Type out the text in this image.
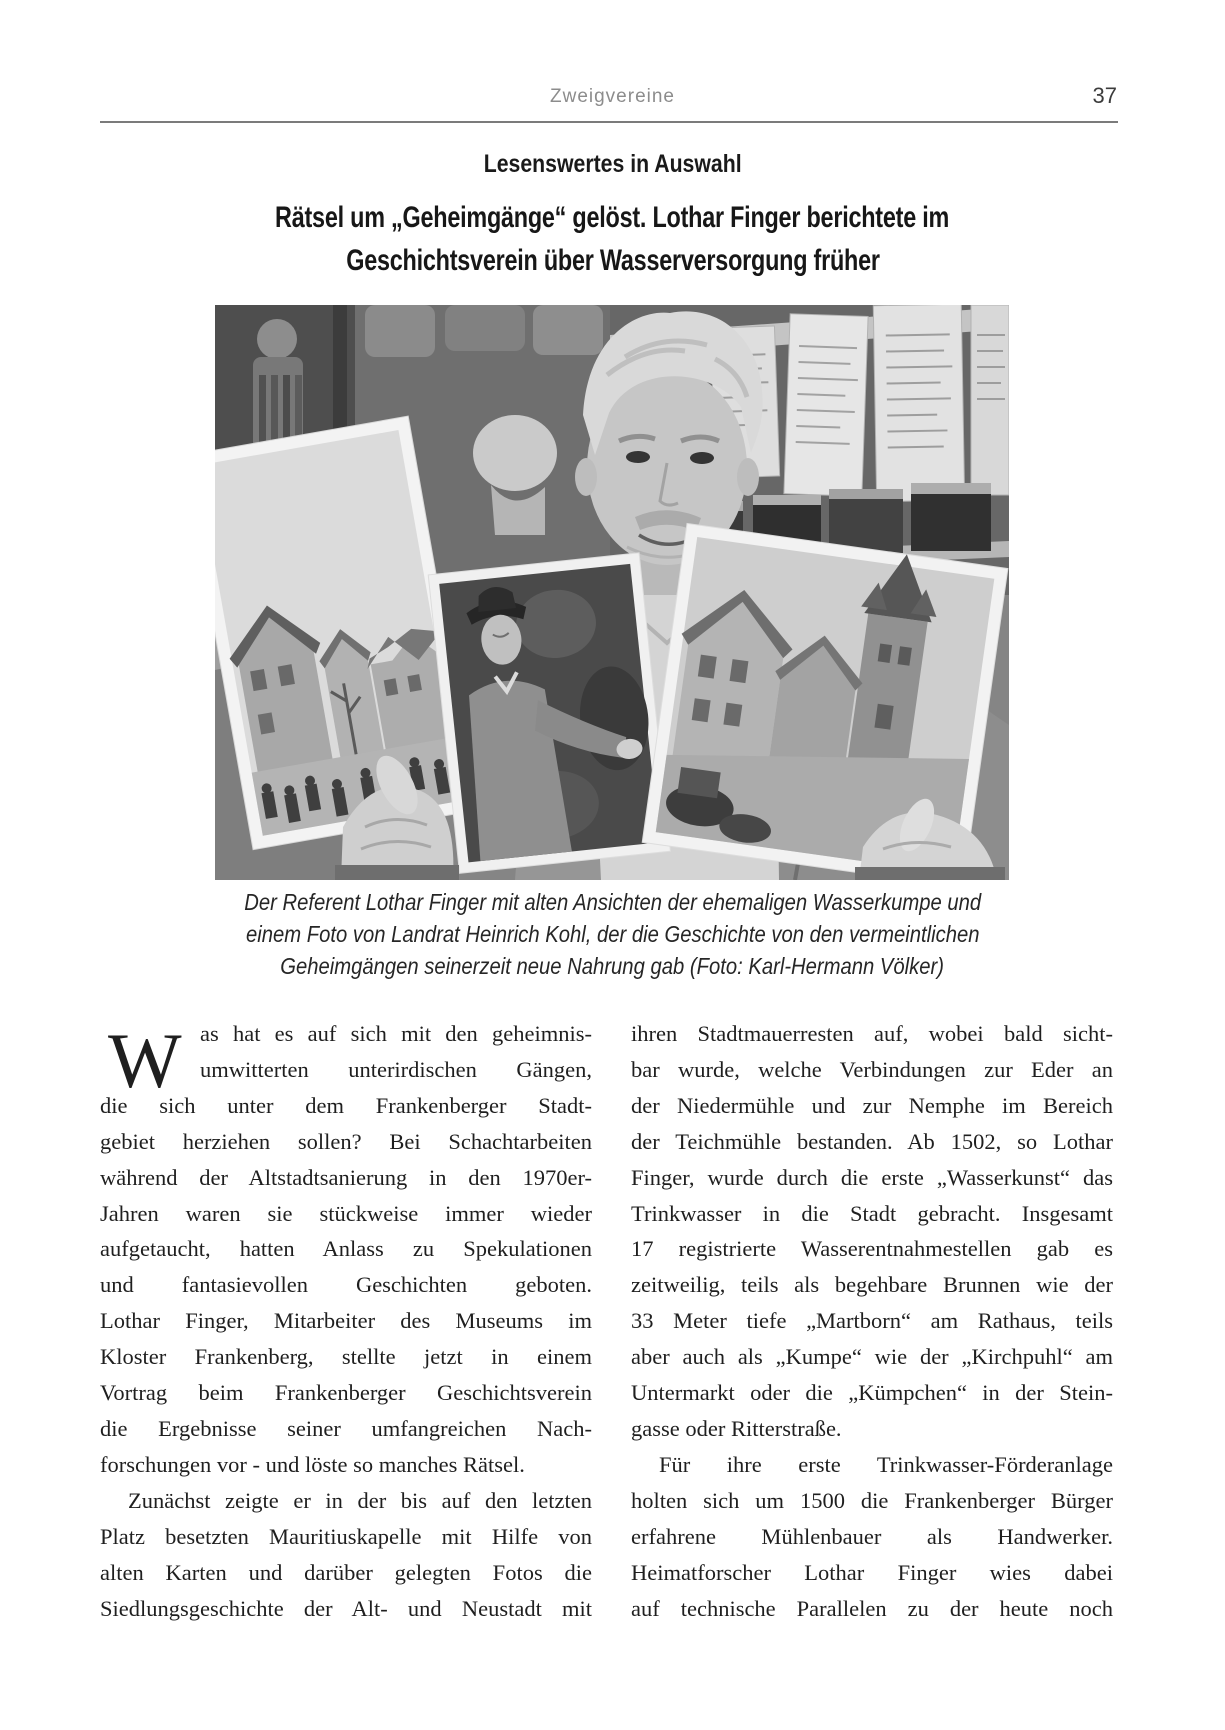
Zweigvereine	37
Lesenswertes in Auswahl
Rätsel um „Geheimgänge“ gelöst. Lothar Finger berichtete im
Geschichtsverein über Wasserversorgung früher
Der Referent Lothar Finger mit alten Ansichten der ehemaligen Wasserkumpe und
einem Foto von Landrat Heinrich Kohl, der die Geschichte von den vermeintlichen
Geheimgängen seinerzeit neue Nahrung gab (Foto: Karl-Hermann Völker)
W as hat es auf sich mit den geheimnis-
umwitterten unterirdischen Gängen,
die sich unter dem Frankenberger Stadt-
gebiet herziehen sollen? Bei Schachtarbeiten
während der Altstadtsanierung in den 1970er-
Jahren waren sie stückweise immer wieder
aufgetaucht, hatten Anlass zu Spekulationen
und fantasievollen Geschichten geboten.
Lothar Finger, Mitarbeiter des Museums im
Kloster Frankenberg, stellte jetzt in einem
Vortrag beim Frankenberger Geschichtsverein
die Ergebnisse seiner umfangreichen Nach-
forschungen vor - und löste so manches Rätsel.
Zunächst zeigte er in der bis auf den letzten
Platz besetzten Mauritiuskapelle mit Hilfe von
alten Karten und darüber gelegten Fotos die
Siedlungsgeschichte der Alt- und Neustadt mit
ihren Stadtmauerresten auf, wobei bald sicht-
bar wurde, welche Verbindungen zur Eder an
der Niedermühle und zur Nemphe im Bereich
der Teichmühle bestanden. Ab 1502, so Lothar
Finger, wurde durch die erste „Wasserkunst“ das
Trinkwasser in die Stadt gebracht. Insgesamt
17 registrierte Wasserentnahmestellen gab es
zeitweilig, teils als begehbare Brunnen wie der
33 Meter tiefe „Martborn“ am Rathaus, teils
aber auch als „Kumpe“ wie der „Kirchpuhl“ am
Untermarkt oder die „Kümpchen“ in der Stein-
gasse oder Ritterstraße.
Für ihre erste Trinkwasser-Förderanlage
holten sich um 1500 die Frankenberger Bürger
erfahrene Mühlenbauer als Handwerker.
Heimatforscher Lothar Finger wies dabei
auf technische Parallelen zu der heute noch
